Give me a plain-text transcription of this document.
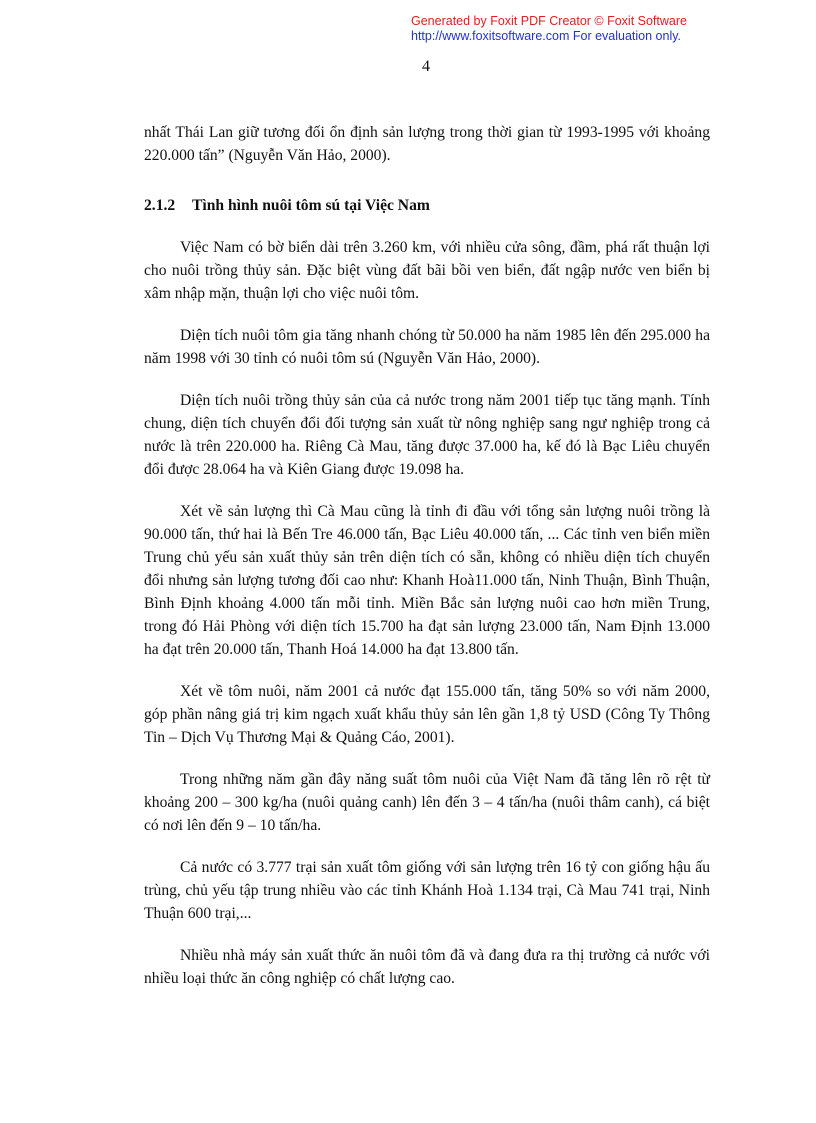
Generated by Foxit PDF Creator © Foxit Software
http://www.foxitsoftware.com For evaluation only.
4

nhất Thái Lan giữ tương đối ổn định sản lượng trong thời gian từ 1993-1995 với khoảng 220.000 tấn” (Nguyễn Văn Hảo, 2000).

2.1.2 Tình hình nuôi tôm sú tại Việc Nam

Việc Nam có bờ biển dài trên 3.260 km, với nhiều cửa sông, đầm, phá rất thuận lợi cho nuôi trồng thủy sản. Đặc biệt vùng đất bãi bồi ven biển, đất ngập nước ven biển bị xâm nhập mặn, thuận lợi cho việc nuôi tôm.

Diện tích nuôi tôm gia tăng nhanh chóng từ 50.000 ha năm 1985 lên đến 295.000 ha năm 1998 với 30 tỉnh có nuôi tôm sú (Nguyễn Văn Hảo, 2000).

Diện tích nuôi trồng thủy sản của cả nước trong năm 2001 tiếp tục tăng mạnh. Tính chung, diện tích chuyển đổi đối tượng sản xuất từ nông nghiệp sang ngư nghiệp trong cả nước là trên 220.000 ha. Riêng Cà Mau, tăng được 37.000 ha, kế đó là Bạc Liêu chuyển đổi được 28.064 ha và Kiên Giang được 19.098 ha.

Xét về sản lượng thì Cà Mau cũng là tỉnh đi đầu với tổng sản lượng nuôi trồng là 90.000 tấn, thứ hai là Bến Tre 46.000 tấn, Bạc Liêu 40.000 tấn, ... Các tỉnh ven biển miền Trung chủ yếu sản xuất thủy sản trên diện tích có sẵn, không có nhiều diện tích chuyển đổi nhưng sản lượng tương đối cao như: Khanh Hoà11.000 tấn, Ninh Thuận, Bình Thuận, Bình Định khoảng 4.000 tấn mỗi tỉnh. Miền Bắc sản lượng nuôi cao hơn miền Trung, trong đó Hải Phòng với diện tích 15.700 ha đạt sản lượng 23.000 tấn, Nam Định 13.000 ha đạt trên 20.000 tấn, Thanh Hoá 14.000 ha đạt 13.800 tấn.

Xét về tôm nuôi, năm 2001 cả nước đạt 155.000 tấn, tăng 50% so với năm 2000, góp phần nâng giá trị kim ngạch xuất khẩu thủy sản lên gần 1,8 tỷ USD (Công Ty Thông Tin – Dịch Vụ Thương Mại & Quảng Cáo, 2001).

Trong những năm gần đây năng suất tôm nuôi của Việt Nam đã tăng lên rõ rệt từ khoảng 200 – 300 kg/ha (nuôi quảng canh) lên đến 3 – 4 tấn/ha (nuôi thâm canh), cá biệt có nơi lên đến 9 – 10 tấn/ha.

Cả nước có 3.777 trại sản xuất tôm giống với sản lượng trên 16 tỷ con giống hậu ấu trùng, chủ yếu tập trung nhiều vào các tỉnh Khánh Hoà 1.134 trại, Cà Mau 741 trại, Ninh Thuận 600 trại,...

Nhiều nhà máy sản xuất thức ăn nuôi tôm đã và đang đưa ra thị trường cả nước với nhiều loại thức ăn công nghiệp có chất lượng cao.
